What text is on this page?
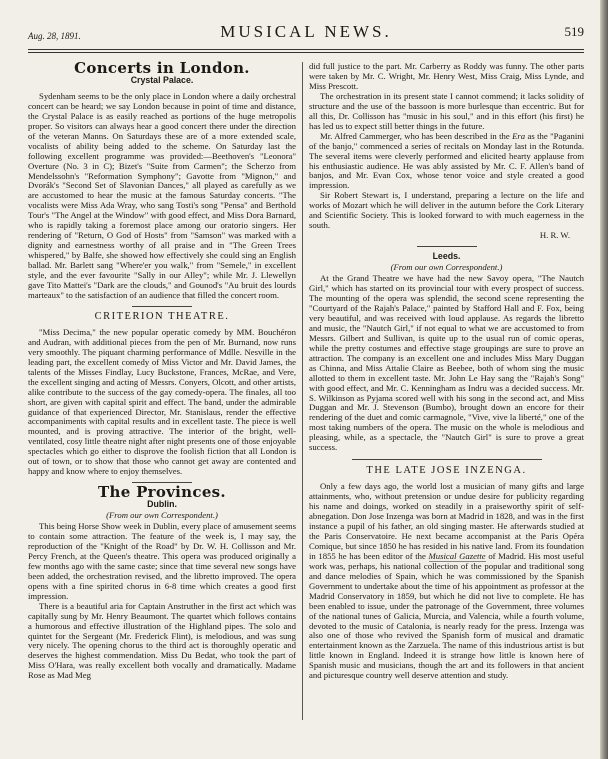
Aug. 28, 1891.	MUSICAL NEWS.	519
Concerts in London.
Crystal Palace.

Sydenham seems to be the only place in London where a daily orchestral concert can be heard; we say London because in point of time and distance, the Crystal Palace is as easily reached as portions of the huge metropolis proper. So visitors can always hear a good concert there under the direction of the veteran Manns. On Saturdays these are of a more extended scale, vocalists of ability being added to the scheme. On Saturday last the following excellent programme was provided:—Beethoven's "Leonora" Overture (No. 3 in C); Bizet's "Suite from Carmen"; the Scherzo from Mendelssohn's "Reformation Symphony"; Gavotte from "Mignon," and Dvorák's "Second Set of Slavonian Dances," all played as carefully as we are accustomed to hear the music at the famous Saturday concerts. "The vocalists were Miss Ada Wray, who sang Tosti's song "Pensa" and Berthold Tour's "The Angel at the Window" with good effect, and Miss Dora Barnard, who is rapidly taking a foremost place among our oratorio singers. Her rendering of "Return, O God of Hosts" from "Samson" was marked with a dignity and earnestness worthy of all praise and in "The Green Trees whispered," by Balfe, she showed how effectively she could sing an English ballad. Mr. Barlett sang "Where'er you walk," from "Semele," in excellent style, and the ever favourite "Sally in our Alley"; while Mr. J. Llewellyn gave Tito Mattei's "Dark are the clouds," and Gounod's "Au bruit des lourds marteaux" to the satisfaction of an audience that filled the concert room.

CRITERION THEATRE.

"Miss Decima," the new popular operatic comedy by MM. Bouchéron and Audran, with additional pieces from the pen of Mr. Burnand, now runs very smoothly. The piquant charming performance of Mdlle. Nesville in the leading part, the excellent comedy of Miss Victor and Mr. David James, the talents of the Misses Findlay, Lucy Buckstone, Frances, McRae, and Vere, the excellent singing and acting of Messrs. Conyers, Olcott, and other artists, alike contribute to the success of the gay comedy-opera. The finales, all too short, are given with capital spirit and effect. The band, under the admirable guidance of that experienced Director, Mr. Stanislaus, render the effective accompaniments with capital results and in excellent taste. The piece is well mounted, and is proving attractive. The interior of the bright, well-ventilated, cosy little theatre night after night presents one of those enjoyable spectacles which go either to disprove the foolish fiction that all London is out of town, or to show that those who cannot get away are contented and happy and know where to enjoy themselves.

The Provinces.
Dublin.
(From our own Correspondent.)

This being Horse Show week in Dublin, every place of amusement seems to contain some attraction. The feature of the week is, I may say, the reproduction of the "Knight of the Road" by Dr. W. H. Collisson and Mr. Percy French, at the Queen's theatre. This opera was produced originally a few months ago with the same caste; since that time several new songs have been added, the orchestration revised, and the libretto improved. The opera opens with a fine spirited chorus in 6-8 time which creates a good first impression.

There is a beautiful aria for Captain Anstruther in the first act which was capitally sung by Mr. Henry Beaumont. The quartet which follows contains a humorous and effective illustration of the Highland pipes. The solo and quintet for the Sergeant (Mr. Frederick Flint), is melodious, and was sung very nicely. The opening chorus to the third act is thoroughly operatic and deserves the highest commendation. Miss Du Bedat, who took the part of Miss O'Hara, was really excellent both vocally and dramatically. Madame Rose as Mad Meg

did full justice to the part. Mr. Carberry as Roddy was funny. The other parts were taken by Mr. C. Wright, Mr. Henry West, Miss Craig, Miss Lynde, and Miss Prescott.

The orchestration in its present state I cannot commend; it lacks solidity of structure and the use of the bassoon is more burlesque than eccentric. But for all this, Dr. Collisson has "music in his soul," and in this effort (his first) he has led us to expect still better things in the future.

Mr. Alfred Cammerger, who has been described in the Era as the "Paganini of the banjo," commenced a series of recitals on Monday last in the Rotunda. The several items were cleverly performed and elicited hearty applause from his enthusiastic audience. He was ably assisted by Mr. C. F. Allen's band of banjos, and Mr. Evan Cox, whose tenor voice and style created a good impression.

Sir Robert Stewart is, I understand, preparing a lecture on the life and works of Mozart which he will deliver in the autumn before the Cork Literary and Scientific Society. This is looked forward to with much eagerness in the south.

H. R. W.
Leeds.
(From our own Correspondent.)

At the Grand Theatre we have had the new Savoy opera, "The Nautch Girl," which has started on its provincial tour with every prospect of success. The mounting of the opera was splendid, the second scene representing the "Courtyard of the Rajah's Palace," painted by Stafford Hall and F. Fox, being very beautiful, and was received with loud applause. As regards the libretto and music, the "Nautch Girl," if not equal to what we are accustomed to from Messrs. Gilbert and Sullivan, is quite up to the usual run of comic operas, while the pretty costumes and effective stage groupings are sure to prove an attraction. The company is an excellent one and includes Miss Mary Duggan as Chinna, and Miss Attalie Claire as Beebee, both of whom sing the music allotted to them in excellent taste. Mr. John Le Hay sang the "Rajah's Song" with good effect, and Mr. C. Kenningham as Indru was a decided success. Mr. S. Wilkinson as Pyjama scored well with his song in the second act, and Miss Duggan and Mr. J. Stevenson (Bumbo), brought down an encore for their rendering of the duet and comic carmagnole, "Vive, vive la liberté," one of the most taking numbers of the opera. The music on the whole is melodious and pleasing, while, as a spectacle, the "Nautch Girl" is sure to prove a great success.

THE LATE JOSE INZENGA.

Only a few days ago, the world lost a musician of many gifts and large attainments, who, without pretension or undue desire for publicity regarding his name and doings, worked on steadily in a praiseworthy spirit of self-abnegation. Don Jose Inzenga was born at Madrid in 1828, and was in the first instance a pupil of his father, an old singing master. He afterwards studied at the Paris Conservatoire. He next became accompanist at the Paris Opéra Comique, but since 1850 he has resided in his native land. From its foundation in 1855 he has been editor of the Musical Gazette of Madrid. His most useful work was, perhaps, his national collection of the popular and traditional song and dance melodies of Spain, which he was commissioned by the Spanish Government to undertake about the time of his appointment as professor at the Madrid Conservatory in 1859, but which he did not live to complete. He has been enabled to issue, under the patronage of the Government, three volumes of the national tunes of Galicia, Murcia, and Valencia, while a fourth volume, devoted to the music of Catalonia, is nearly ready for the press. Inzenga was also one of those who revived the Spanish form of musical and dramatic entertainment known as the Zarzuela. The name of this industrious artist is but little known in England. Indeed it is strange how little is known here of Spanish music and musicians, though the art and its followers in that ancient and picturesque country well deserve attention and study.
